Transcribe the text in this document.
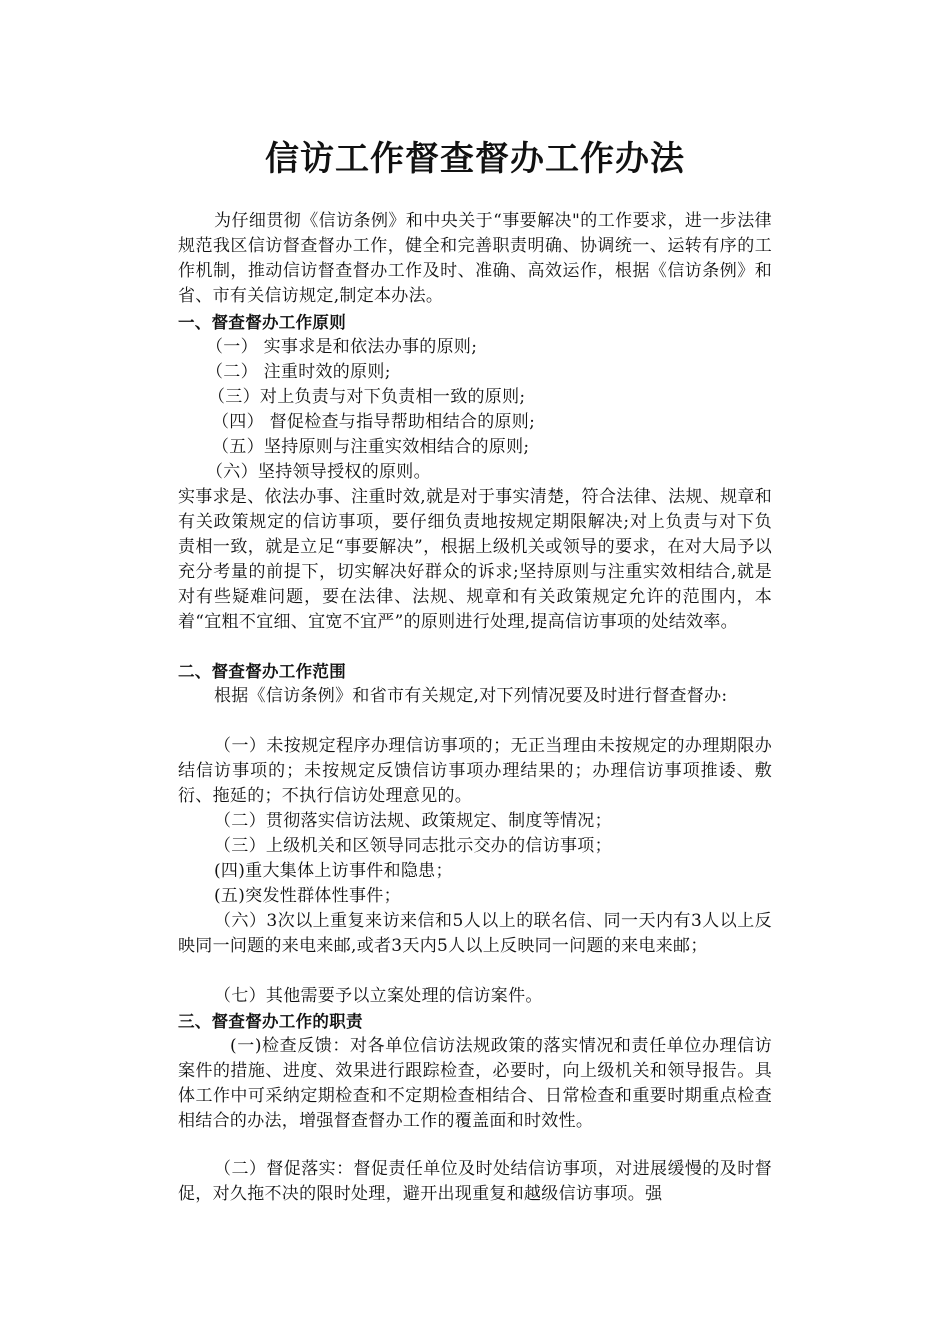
信访工作督查督办工作办法
为仔细贯彻《信访条例》和中央关于“事要解决"的工作要求，进一步法律规范我区信访督查督办工作，健全和完善职责明确、协调统一、运转有序的工作机制，推动信访督查督办工作及时、准确、高效运作，根据《信访条例》和省、市有关信访规定,制定本办法。
一、督查督办工作原则
（一） 实事求是和依法办事的原则;
（二） 注重时效的原则;
（三）对上负责与对下负责相一致的原则;
（四） 督促检查与指导帮助相结合的原则;
（五）坚持原则与注重实效相结合的原则;
（六）坚持领导授权的原则。
实事求是、依法办事、注重时效,就是对于事实清楚，符合法律、法规、规章和有关政策规定的信访事项，要仔细负责地按规定期限解决;对上负责与对下负责相一致，就是立足“事要解决”，根据上级机关或领导的要求，在对大局予以充分考量的前提下，切实解决好群众的诉求;坚持原则与注重实效相结合,就是对有些疑难问题，要在法律、法规、规章和有关政策规定允许的范围内，本着“宜粗不宜细、宜宽不宜严”的原则进行处理,提高信访事项的处结效率。
二、督查督办工作范围
根据《信访条例》和省市有关规定,对下列情况要及时进行督查督办:
（一）未按规定程序办理信访事项的；无正当理由未按规定的办理期限办结信访事项的；未按规定反馈信访事项办理结果的；办理信访事项推诿、敷衍、拖延的；不执行信访处理意见的。
（二）贯彻落实信访法规、政策规定、制度等情况；
（三）上级机关和区领导同志批示交办的信访事项；
(四)重大集体上访事件和隐患；
(五)突发性群体性事件；
（六）3次以上重复来访来信和5人以上的联名信、同一天内有3人以上反映同一问题的来电来邮,或者3天内5人以上反映同一问题的来电来邮；
（七）其他需要予以立案处理的信访案件。
三、督查督办工作的职责
(一)检查反馈：对各单位信访法规政策的落实情况和责任单位办理信访案件的措施、进度、效果进行跟踪检查，必要时，向上级机关和领导报告。具体工作中可采纳定期检查和不定期检查相结合、日常检查和重要时期重点检查相结合的办法，增强督查督办工作的覆盖面和时效性。
（二）督促落实：督促责任单位及时处结信访事项，对进展缓慢的及时督促，对久拖不决的限时处理，避开出现重复和越级信访事项。强
